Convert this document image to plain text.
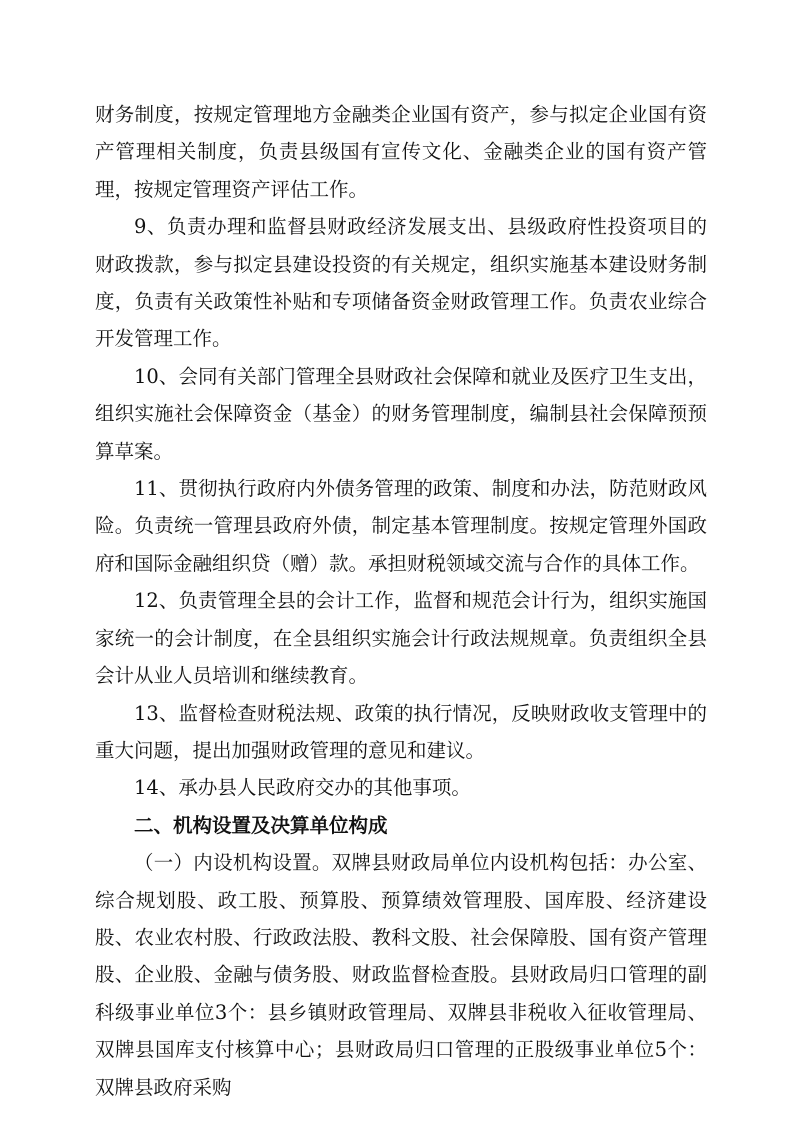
财务制度，按规定管理地方金融类企业国有资产，参与拟定企业国有资产管理相关制度，负责县级国有宣传文化、金融类企业的国有资产管理，按规定管理资产评估工作。

9、负责办理和监督县财政经济发展支出、县级政府性投资项目的财政拨款，参与拟定县建设投资的有关规定，组织实施基本建设财务制度，负责有关政策性补贴和专项储备资金财政管理工作。负责农业综合开发管理工作。

10、会同有关部门管理全县财政社会保障和就业及医疗卫生支出，组织实施社会保障资金（基金）的财务管理制度，编制县社会保障预预算草案。

11、贯彻执行政府内外债务管理的政策、制度和办法，防范财政风险。负责统一管理县政府外债，制定基本管理制度。按规定管理外国政府和国际金融组织贷（赠）款。承担财税领域交流与合作的具体工作。

12、负责管理全县的会计工作，监督和规范会计行为，组织实施国家统一的会计制度，在全县组织实施会计行政法规规章。负责组织全县会计从业人员培训和继续教育。

13、监督检查财税法规、政策的执行情况，反映财政收支管理中的重大问题，提出加强财政管理的意见和建议。

14、承办县人民政府交办的其他事项。

二、机构设置及决算单位构成

（一）内设机构设置。双牌县财政局单位内设机构包括：办公室、综合规划股、政工股、预算股、预算绩效管理股、国库股、经济建设股、农业农村股、行政政法股、教科文股、社会保障股、国有资产管理股、企业股、金融与债务股、财政监督检查股。县财政局归口管理的副科级事业单位3个：县乡镇财政管理局、双牌县非税收入征收管理局、双牌县国库支付核算中心；县财政局归口管理的正股级事业单位5个：双牌县政府采购
